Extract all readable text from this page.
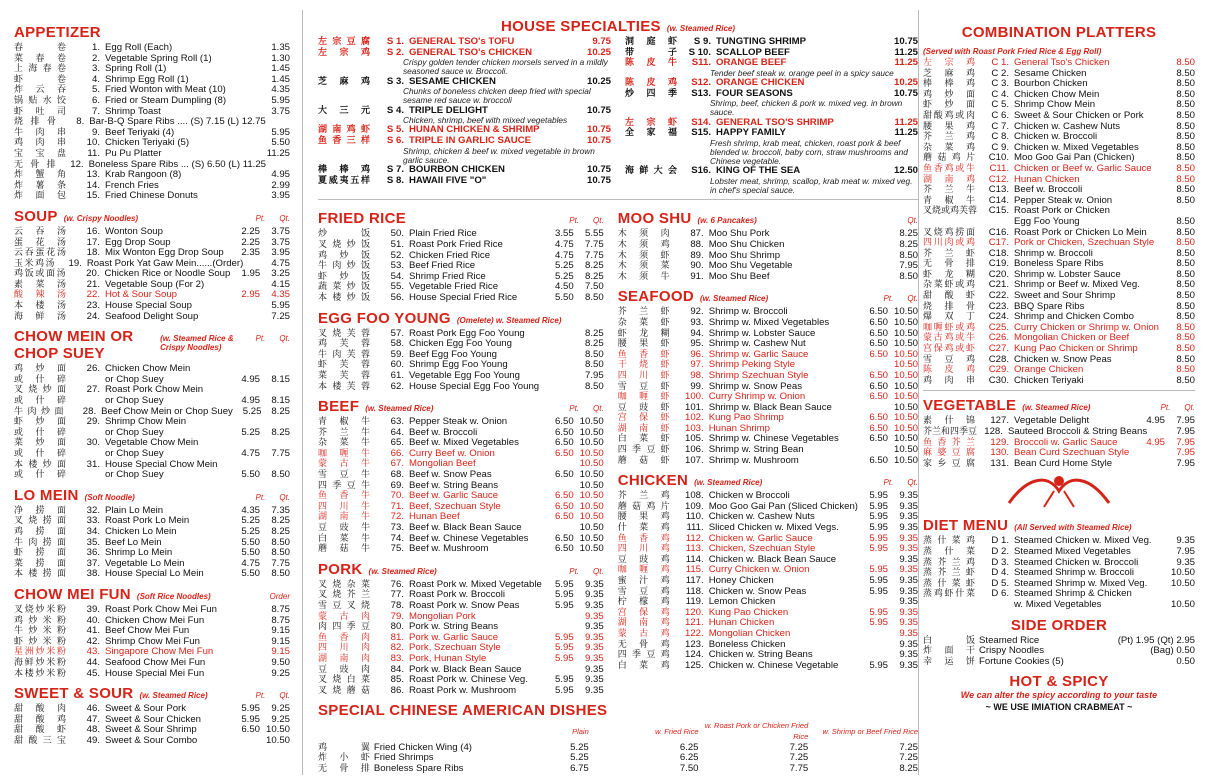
APPETIZER
春卷	1. Egg Roll (Each)	1.35
菜春卷	2. Vegetable Spring Roll (1)	1.30
上海春卷	3. Spring Roll (1)	1.45
虾卷	4. Shrimp Egg Roll (1)	1.45
炸云吞	5. Fried Wonton with Meat (10)	4.35
锅贴水饺	6. Fried or Steam Dumpling (8)	5.95
虾吐司	7. Shrimp Toast	3.75
烧排骨	8. Bar-B-Q Spare Ribs .... (S) 7.15 (L) 12.75
牛肉串	9. Beef Teriyaki (4)	5.95
鸡肉串	10. Chicken Teriyaki (5)	5.50
宝宝盘	11. Pu Pu Platter	11.25
无骨排	12. Boneless Spare Ribs ... (S) 6.50 (L) 11.25
炸蟹角	13. Krab Rangoon (8)	4.95
炸薯条	14. French Fries	2.99
炸面包	15. Fried Chinese Donuts	3.95
SOUP (w. Crispy Noodles)	Pt. Qt.
云吞汤	16. Wonton Soup	2.25	3.75
蛋花汤	17. Egg Drop Soup	2.25	3.75
云吞蛋花汤	18. Mix Wonton Egg Drop Soup	2.35	3.95
玉米鸡汤	19. Roast Pork Yat Gaw Mein......(Order)	4.75
鸡饭或面汤	20. Chicken Rice or Noodle Soup	1.95	3.25
素菜汤	21. Vegetable Soup (For 2)	4.15
酸辣汤	22. Hot & Sour Soup	2.95	4.35
本楼汤	23. House Special Soup	5.95
海鲜汤	24. Seafood Delight Soup	7.25
CHOW MEIN OR CHOP SUEY
(w. Steamed Rice & Crispy Noodles)
Pt. Qt.
鸡炒面	26. Chicken Chow Mein
或什碎	or Chop Suey	4.95	8.15
叉烧炒面	27. Roast Pork Chow Mein
或什碎	or Chop Suey	4.95	8.15
牛肉炒面	28. Beef Chow Mein or Chop Suey	5.25	8.25
虾炒面	29. Shrimp Chow Mein
或什碎	or Chop Suey	5.25	8.25
菜炒面	30. Vegetable Chow Mein
或什碎	or Chop Suey	4.75	7.75
本楼炒面	31. House Special Chow Mein
或什碎	or Chop Suey	5.50	8.50
LO MEIN (Soft Noodle)	Pt. Qt.
净捞面	32. Plain Lo Mein	4.35	7.35
叉烧捞面	33. Roast Pork Lo Mein	5.25	8.25
鸡捞面	34. Chicken Lo Mein	5.25	8.25
牛肉捞面	35. Beef Lo Mein	5.50	8.50
虾捞面	36. Shrimp Lo Mein	5.50	8.50
菜捞面	37. Vegetable Lo Mein	4.75	7.75
本楼捞面	38. House Special Lo Mein	5.50	8.50
CHOW MEI FUN (Soft Rice Noodles)	Order
叉烧炒米粉	39. Roast Pork Chow Mei Fun	8.75
鸡炒米粉	40. Chicken Chow Mei Fun	8.75
牛炒米粉	41. Beef Chow Mei Fun	9.15
虾炒米粉	42. Shrimp Chow Mei Fun	9.15
星洲炒米粉	43. Singapore Chow Mei Fun	9.15
海鲜炒米粉	44. Seafood Chow Mei Fun	9.50
本楼炒米粉	45. House Special Mei Fun	9.25
SWEET & SOUR (w. Steamed Rice)	Pt. Qt.
甜酸肉	46. Sweet & Sour Pork	5.95	9.25
甜酸鸡	47. Sweet & Sour Chicken	5.95	9.25
甜酸虾	48. Sweet & Sour Shrimp	6.50 10.50
甜酸三宝	49. Sweet & Sour Combo	10.50
HOUSE SPECIALTIES (w. Steamed Rice)
左宗豆腐	S 1. GENERAL TSO's TOFU	9.75
左宗鸡	S 2. GENERAL TSO's CHICKEN	10.25
Crispy golden tender chicken morsels served in a mildly seasoned sauce w. Broccoli.
芝麻鸡	S 3. SESAME CHICKEN	10.25
Chunks of boneless chicken deep fried with special sesame red sauce w. broccoli
大三元	S 4. TRIPLE DELIGHT	10.75
Chicken, shrimp, beef with mixed vegetables
湖南鸡虾	S 5. HUNAN CHICKEN & SHRIMP	10.75
鱼香三样	S 6. TRIPLE IN GARLIC SAUCE	10.75
Shrimp, chicken & beef w. mixed vegetable in brown garlic sauce.
棒棒鸡	S 7. BOURBON CHICKEN	10.75
夏威夷五样	S 8. HAWAII FIVE "O"	10.75
洞庭虾	S 9. TUNGTING SHRIMP	10.75
带子	S 10. SCALLOP BEEF	11.25
陈皮牛	S11. ORANGE BEEF	11.25
Tender beef steak w. orange peel in a spicy sauce
陈皮鸡	S12. ORANGE CHICKEN	10.25
炒四季	S13. FOUR SEASONS	10.75
Shrimp, beef, chicken & pork w. mixed veg. in brown sauce.
左宗虾	S14. GENERAL TSO'S SHRIMP	11.25
全家福	S15. HAPPY FAMILY	11.25
Fresh shrimp, krab meat, chicken, roast pork & beef blended w. broccoli, baby corn, straw mushrooms and Chinese vegetable.
海鲜大会	S16. KING OF THE SEA	12.50
Lobster meat, shrimp, scallop, krab meat w. mixed veg. in chef's special sauce.
FRIED RICE	Pt. Qt.
炒饭	50. Plain Fried Rice	3.55	5.55
叉烧炒饭	51. Roast Pork Fried Rice	4.75	7.75
鸡炒饭	52. Chicken Fried Rice	4.75	7.75
牛肉炒饭	53. Beef Fried Rice	5.25	8.25
虾炒饭	54. Shrimp Fried Rice	5.25	8.25
蔬菜炒饭	55. Vegetable Fried Rice	4.50	7.50
本楼炒饭	56. House Special Fried Rice	5.50	8.50
EGG FOO YOUNG (Omelete) w. Steamed Rice)
叉烧芙蓉	57. Roast Pork Egg Foo Young	8.25
鸡芙蓉	58. Chicken Egg Foo Young	8.25
牛肉芙蓉	59. Beef Egg Foo Young	8.50
虾芙蓉	60. Shrimp Egg Foo Young	8.50
菜芙蓉	61. Vegetable Egg Foo Young	7.95
本楼芙蓉	62. House Special Egg Foo Young	8.50
BEEF (w. Steamed Rice)	Pt. Qt.
青椒牛	63. Pepper Steak w. Onion	6.50 10.50
芥兰牛	64. Beef w. Broccoli	6.50 10.50
杂菜牛	65. Beef w. Mixed Vegetables	6.50 10.50
咖喱牛	66. Curry Beef w. Onion	6.50 10.50
蒙古牛	67. Mongolian Beef	10.50
雪豆牛	68. Beef w. Snow Peas	6.50 10.50
四季豆牛	69. Beef w. String Beans	10.50
鱼香牛	70. Beef w. Garlic Sauce	6.50 10.50
四川牛	71. Beef, Szechuan Style	6.50 10.50
湖南牛	72. Hunan Beef	6.50 10.50
豆豉牛	73. Beef w. Black Bean Sauce	10.50
白菜牛	74. Beef w. Chinese Vegetables	6.50 10.50
蘑菇牛	75. Beef w. Mushroom	6.50 10.50
PORK (w. Steamed Rice)	Pt. Qt.
叉烧杂菜	76. Roast Pork w. Mixed Vegetable	5.95	9.35
叉烧芥兰	77. Roast Pork w. Broccoli	5.95	9.35
雪豆叉烧	78. Roast Pork w. Snow Peas	5.95	9.35
蒙古肉	79. Mongolian Pork	9.35
肉四季豆	80. Pork w. String Beans	9.35
鱼香肉	81. Pork w. Garlic Sauce	5.95	9.35
四川肉	82. Pork, Szechuan Style	5.95	9.35
湖南肉	83. Pork, Hunan Style	5.95	9.35
豆豉肉	84. Pork w. Black Bean Sauce	9.35
叉烧白菜	85. Roast Pork w. Chinese Veg.	5.95	9.35
叉烧蘑菇	86. Roast Pork w. Mushroom	5.95	9.35
MOO SHU (w. 6 Pancakes)	Qt.
木须肉	87. Moo Shu Pork	8.25
木须鸡	88. Moo Shu Chicken	8.25
木须虾	89. Moo Shu Shrimp	8.50
木须菜	90. Moo Shu Vegetable	7.95
木须牛	91. Moo Shu Beef	8.50
SEAFOOD (w. Steamed Rice)	Pt. Qt.
芥兰虾	92. Shrimp w. Broccoli	6.50 10.50
杂菜虾	93. Shrimp w. Mixed Vegetables	6.50 10.50
虾龙糊	94. Shrimp w. Lobster Sauce	6.50 10.50
腰果虾	95. Shrimp w. Cashew Nut	6.50 10.50
鱼香虾	96. Shrimp w. Garlic Sauce	6.50 10.50
干烧虾	97. Shrimp Peking Style	10.50
四川虾	98. Shrimp Szechuan Style	6.50 10.50
雪豆虾	99. Shrimp w. Snow Peas	6.50 10.50
咖喱虾	100. Curry Shrimp w. Onion	6.50 10.50
豆豉虾	101. Shrimp w. Black Bean Sauce	10.50
宫保虾	102. Kung Pao Shrimp	6.50 10.50
湖南虾	103. Hunan Shrimp	6.50 10.50
白菜虾	105. Shrimp w. Chinese Vegetables	6.50 10.50
四季豆虾	106. Shrimp w. String Bean	10.50
蘑菇虾	107. Shrimp w. Mushroom	6.50 10.50
CHICKEN (w. Steamed Rice)	Pt. Qt.
芥兰鸡	108. Chicken w Broccoli	5.95	9.35
蘑菇鸡片	109. Moo Goo Gai Pan (Sliced Chicken)	5.95	9.35
腰果鸡	110. Chicken w. Cashew Nuts	5.95	9.35
什菜鸡	111. Sliced Chicken w. Mixed Vegs.	5.95	9.35
鱼香鸡	112. Chicken w. Garlic Sauce	5.95	9.35
四川鸡	113. Chicken, Szechuan Style	5.95	9.35
豆豉鸡	114. Chicken w. Black Bean Sauce	9.35
咖喱鸡	115. Curry Chicken w. Onion	5.95	9.35
蜜汁鸡	117. Honey Chicken	5.95	9.35
雪豆鸡	118. Chicken w. Snow Peas	5.95	9.35
柠檬鸡	119. Lemon Chicken	9.35
宫保鸡	120. Kung Pao Chicken	5.95	9.35
湖南鸡	121. Hunan Chicken	5.95	9.35
蒙古鸡	122. Mongolian Chicken	9.35
无骨鸡	123. Boneless Chicken	9.35
四季豆鸡	124. Chicken w. String Beans	9.35
白菜鸡	125. Chicken w. Chinese Vegetable	5.95	9.35
SPECIAL CHINESE AMERICAN DISHES
Plain	w. Fried Rice
w. Roast Pork or Chicken Fried Rice
w. Shrimp or Beef Fried Rice
鸡翼 Fried Chicken Wing (4)	5.25	6.25	7.25	7.25
炸小虾 Fried Shrimps	5.25	6.25	7.25	7.25
无骨排 Boneless Spare Ribs	6.75	7.50	7.75	8.25
COMBINATION PLATTERS
(Served with Roast Pork Fried Rice & Egg Roll)
左宗鸡	C 1. General Tso's Chicken	8.50
芝麻鸡	C 2. Sesame Chicken	8.50
棒棒鸡	C 3. Bourbon Chicken	8.50
鸡炒面	C 4. Chicken Chow Mein	8.50
虾炒面	C 5. Shrimp Chow Mein	8.50
甜酸鸡或肉	C 6. Sweet & Sour Chicken or Pork	8.50
腰果鸡	C 7. Chicken w. Cashew Nuts	8.50
芥兰鸡	C 8. Chicken w. Broccoli	8.50
杂菜鸡	C 9. Chicken w. Mixed Vegetables	8.50
蘑菇鸡片	C10. Moo Goo Gai Pan (Chicken)	8.50
鱼香鸡或牛	C11. Chicken or Beef w. Garlic Sauce	8.50
湖南鸡	C12. Hunan Chicken	8.50
芥兰牛	C13. Beef w. Broccoli	8.50
青椒牛	C14. Pepper Steak w. Onion	8.50
叉烧或鸡芙蓉	C15. Roast Pork or Chicken
Egg Foo Young	8.50
叉烧鸡捞面	C16. Roast Pork or Chicken Lo Mein	8.50
四川肉或鸡	C17. Pork or Chicken, Szechuan Style	8.50
芥兰虾	C18. Shrimp w. Broccoli	8.50
无骨排	C19. Boneless Spare Ribs	8.50
虾龙糊	C20. Shrimp w. Lobster Sauce	8.50
杂菜虾或鸡	C21. Shrimp or Beef w. Mixed Veg.	8.50
甜酸虾	C22. Sweet and Sour Shrimp	8.50
烧排骨	C23. BBQ Spare Ribs	8.50
爆双丁	C24. Shrimp and Chicken Combo	8.50
咖喱虾或鸡	C25. Curry Chicken or Shrimp w. Onion	8.50
蒙古鸡或牛	C26. Mongolian Chicken or Beef	8.50
宫保鸡或虾	C27. Kung Pao Chicken or Shrimp	8.50
雪豆鸡	C28. Chicken w. Snow Peas	8.50
陈皮鸡	C29. Orange Chicken	8.50
鸡肉串	C30. Chicken Teriyaki	8.50
VEGETABLE (w. Steamed Rice)	Pt. Qt.
素什锦	127. Vegetable Delight	4.95	7.95
芥兰和四季豆 128. Sauteed Broccoli & String Beans	7.95
鱼香芥兰	129. Broccoli w. Garlic Sauce	4.95	7.95
麻婆豆腐	130. Bean Curd Szechuan Style	7.95
家乡豆腐	131. Bean Curd Home Style	7.95
DIET MENU (All Served with Steamed Rice)
蒸什菜鸡	D 1. Steamed Chicken w. Mixed Veg.	9.35
蒸什菜	D 2. Steamed Mixed Vegetables	7.95
蒸芥兰鸡	D 3. Steamed Chicken w. Broccoli	9.35
蒸芥兰虾	D 4. Steamed Shrimp w. Broccoli	10.50
蒸什菜虾	D 5. Steamed Shrimp w. Mixed Veg.	10.50
蒸鸡虾什菜	D 6. Steamed Shrimp & Chicken
w. Mixed Vegetables	10.50
SIDE ORDER
白饭 Steamed Rice	(Pt) 1.95 (Qt) 2.95
炸面干 Crispy Noodles	(Bag) 0.50
幸运饼 Fortune Cookies (5)	0.50
HOT & SPICY
We can alter the spicy according to your taste
~ WE USE IMIATION CRABMEAT ~
